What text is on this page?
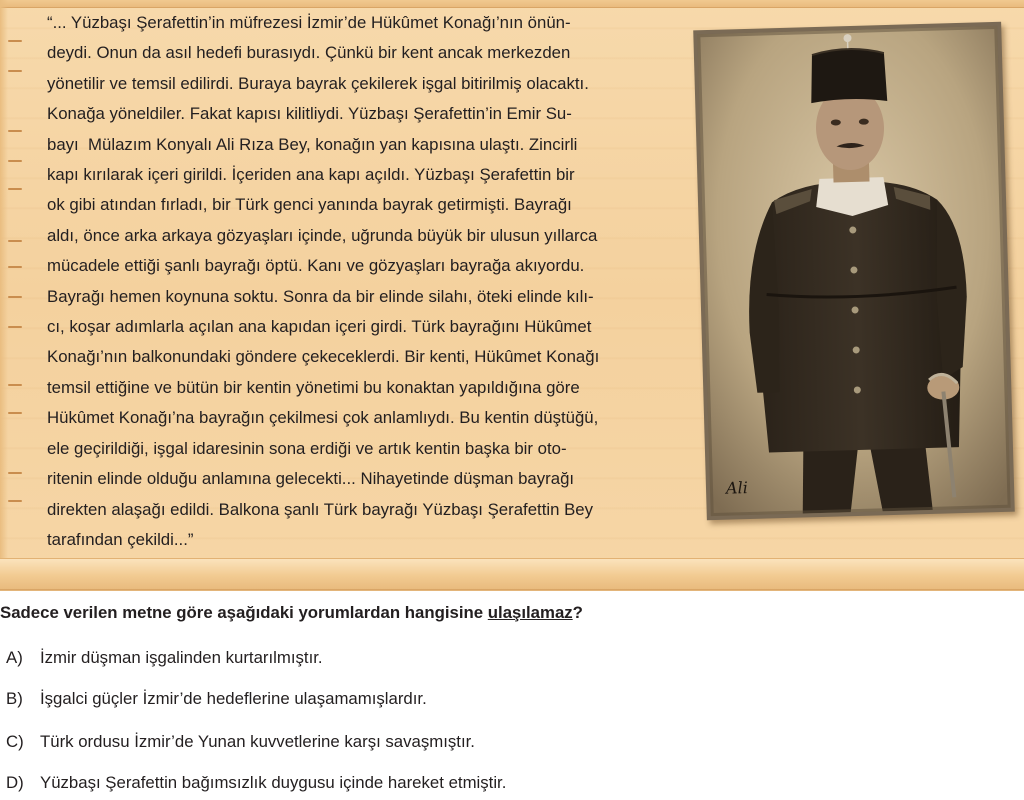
“... Yüzbaşı Şerafettin’in müfrezesi İzmir’de Hükûmet Konağı’nın önün-
deydi. Onun da asıl hedefi burasıydı. Çünkü bir kent ancak merkezden
yönetilir ve temsil edilirdi. Buraya bayrak çekilerek işgal bitirilmiş olacaktı.
Konağa yöneldiler. Fakat kapısı kilitliydi. Yüzbaşı Şerafettin’in Emir Su-
bayı  Mülazım Konyalı Ali Rıza Bey, konağın yan kapısına ulaştı. Zincirli
kapı kırılarak içeri girildi. İçeriden ana kapı açıldı. Yüzbaşı Şerafettin bir
ok gibi atından fırladı, bir Türk genci yanında bayrak getirmişti. Bayrağı
aldı, önce arka arkaya gözyaşları içinde, uğrunda büyük bir ulusun yıllarca
mücadele ettiği şanlı bayrağı öptü. Kanı ve gözyaşları bayrağa akıyordu.
Bayrağı hemen koynuna soktu. Sonra da bir elinde silahı, öteki elinde kılı-
cı, koşar adımlarla açılan ana kapıdan içeri girdi. Türk bayrağını Hükûmet
Konağı’nın balkonundaki göndere çekeceklerdi. Bir kenti, Hükûmet Konağı
temsil ettiğine ve bütün bir kentin yönetimi bu konaktan yapıldığına göre
Hükûmet Konağı’na bayrağın çekilmesi çok anlamlıydı. Bu kentin düştüğü,
ele geçirildiği, işgal idaresinin sona erdiği ve artık kentin başka bir oto-
ritenin elinde olduğu anlamına gelecekti... Nihayetinde düşman bayrağı
direkten alaşağı edildi. Balkona şanlı Türk bayrağı Yüzbaşı Şerafettin Bey
tarafından çekildi...”
Ali

Sadece verilen metne göre aşağıdaki yorumlardan hangisine ulaşılamaz?

A) İzmir düşman işgalinden kurtarılmıştır.
B) İşgalci güçler İzmir’de hedeflerine ulaşamamışlardır.
C) Türk ordusu İzmir’de Yunan kuvvetlerine karşı savaşmıştır.
D) Yüzbaşı Şerafettin bağımsızlık duygusu içinde hareket etmiştir.
